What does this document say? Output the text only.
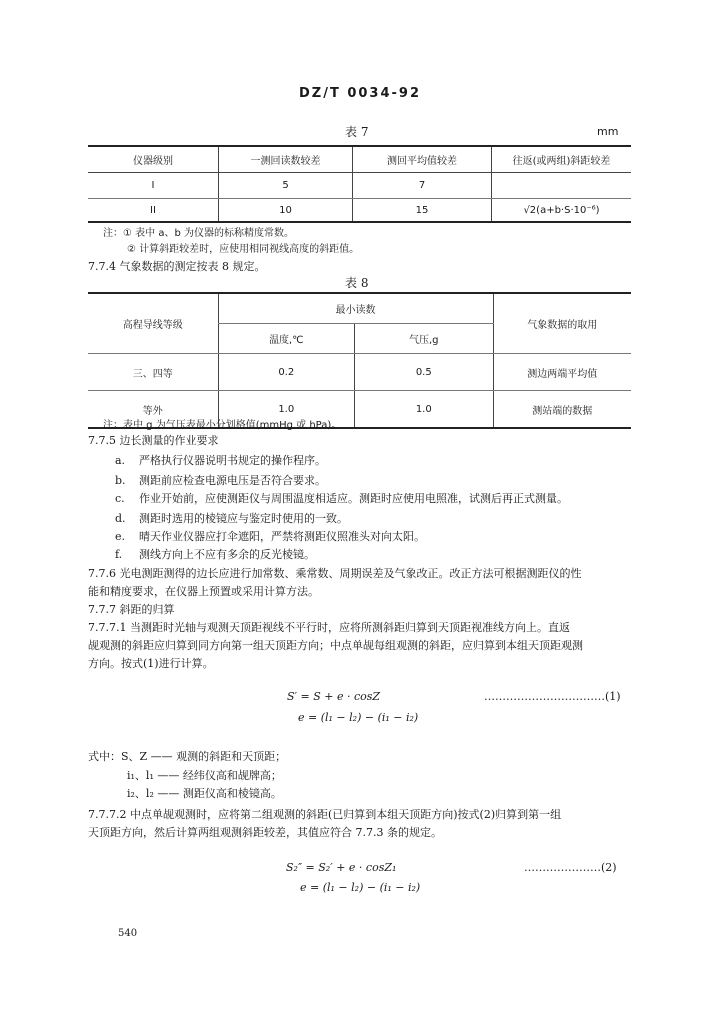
DZ/T 0034-92
表 7	mm
仪器级别	一测回读数较差	测回平均值较差	往返(或两组)斜距较差
I	5	7	
II	10	15	√2(a+b·S·10⁻⁶)
注：① 表中 a、b 为仪器的标称精度常数。
② 计算斜距较差时，应使用相同视线高度的斜距值。
7.7.4 气象数据的测定按表 8 规定。
表 8
高程导线等级	最小读数		气象数据的取用
	温度,℃	气压,g	
三、四等	0.2	0.5	测边两端平均值
等外	1.0	1.0	测站端的数据
注：表中 g 为气压表最小分划格值(mmHg 或 hPa)。
7.7.5 边长测量的作业要求
a. 严格执行仪器说明书规定的操作程序。
b. 测距前应检查电源电压是否符合要求。
c. 作业开始前，应使测距仪与周围温度相适应。测距时应使用电照准，试测后再正式测量。
d. 测距时选用的棱镜应与鉴定时使用的一致。
e. 晴天作业仪器应打伞遮阳，严禁将测距仪照准头对向太阳。
f. 测线方向上不应有多余的反光棱镜。
7.7.6 光电测距测得的边长应进行加常数、乘常数、周期误差及气象改正。改正方法可根据测距仪的性
能和精度要求，在仪器上预置或采用计算方法。
7.7.7 斜距的归算
7.7.7.1 当测距时光轴与观测天顶距视线不平行时，应将所测斜距归算到天顶距视准线方向上。直返
觇观测的斜距应归算到同方向第一组天顶距方向；中点单觇每组观测的斜距，应归算到本组天顶距观测
方向。按式(1)进行计算。
S′ = S + e · cosZ	……………………………(1)
e = (l₁ − l₂) − (i₁ − i₂)
式中：S、Z —— 观测的斜距和天顶距；
i₁、l₁ —— 经纬仪高和觇牌高；
i₂、l₂ —— 测距仪高和棱镜高。
7.7.7.2 中点单觇观测时，应将第二组观测的斜距(已归算到本组天顶距方向)按式(2)归算到第一组
天顶距方向，然后计算两组观测斜距较差，其值应符合 7.7.3 条的规定。
S₂″ = S₂′ + e · cosZ₁	…………………(2)
e = (l₁ − l₂) − (i₁ − i₂)
540
